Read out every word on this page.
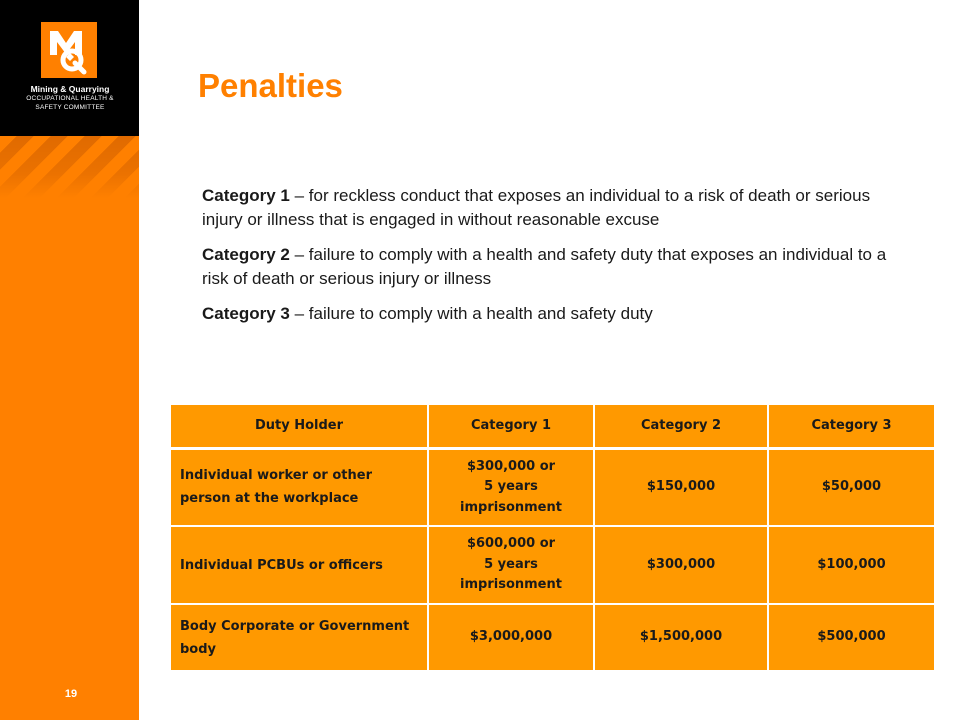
Mining & Quarrying
OCCUPATIONAL HEALTH &
SAFETY COMMITTEE
19
Penalties

Category 1 – for reckless conduct that exposes an individual to a risk of death or serious injury or illness that is engaged in without reasonable excuse

Category 2 – failure to comply with a health and safety duty that exposes an individual to a risk of death or serious injury or illness

Category 3 – failure to comply with a health and safety duty

Duty Holder	Category 1	Category 2	Category 3
Individual worker or other person at the workplace	$300,000 or
5 years
imprisonment	$150,000	$50,000
Individual PCBUs or officers	$600,000 or
5 years
imprisonment	$300,000	$100,000
Body Corporate or Government body	$3,000,000	$1,500,000	$500,000
